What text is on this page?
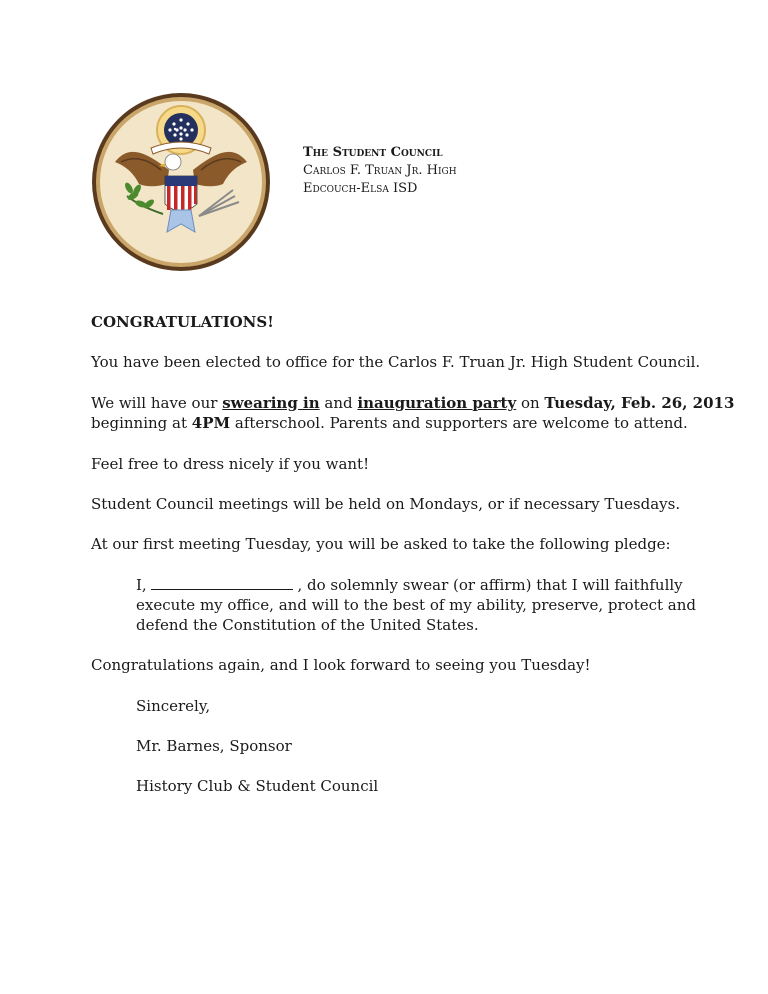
The Student Council
Carlos F. Truan Jr. High
Edcouch-Elsa ISD
CONGRATULATIONS!
You have been elected to office for the Carlos F. Truan Jr. High Student Council.
We will have our swearing in and inauguration party on Tuesday, Feb. 26, 2013
beginning at 4PM afterschool. Parents and supporters are welcome to attend.
Feel free to dress nicely if you want!
Student Council meetings will be held on Mondays, or if necessary Tuesdays.
At our first meeting Tuesday, you will be asked to take the following pledge:
I,	, do solemnly swear (or affirm) that I will faithfully
execute my office, and will to the best of my ability, preserve, protect and
defend the Constitution of the United States.
Congratulations again, and I look forward to seeing you Tuesday!
Sincerely,
Mr. Barnes, Sponsor
History Club & Student Council
